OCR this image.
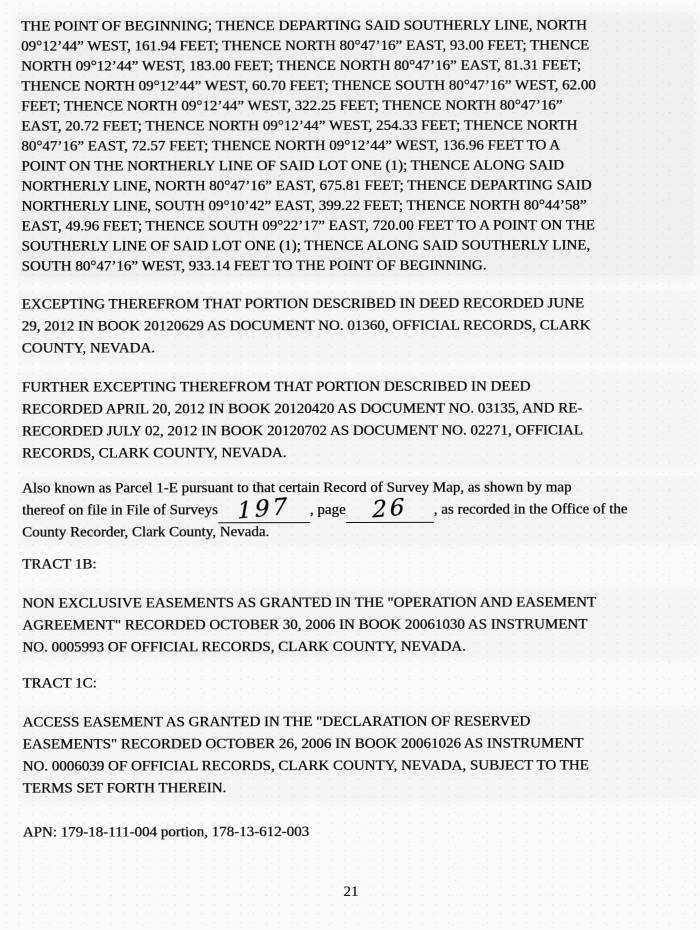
THE POINT OF BEGINNING; THENCE DEPARTING SAID SOUTHERLY LINE, NORTH
09°12’44” WEST, 161.94 FEET; THENCE NORTH 80°47’16” EAST, 93.00 FEET; THENCE
NORTH 09°12’44” WEST, 183.00 FEET; THENCE NORTH 80°47’16” EAST, 81.31 FEET;
THENCE NORTH 09°12’44” WEST, 60.70 FEET; THENCE SOUTH 80°47’16” WEST, 62.00
FEET; THENCE NORTH 09°12’44” WEST, 322.25 FEET; THENCE NORTH 80°47’16”
EAST, 20.72 FEET; THENCE NORTH 09°12’44” WEST, 254.33 FEET; THENCE NORTH
80°47’16” EAST, 72.57 FEET; THENCE NORTH 09°12’44” WEST, 136.96 FEET TO A
POINT ON THE NORTHERLY LINE OF SAID LOT ONE (1); THENCE ALONG SAID
NORTHERLY LINE, NORTH 80°47’16” EAST, 675.81 FEET; THENCE DEPARTING SAID
NORTHERLY LINE, SOUTH 09°10’42” EAST, 399.22 FEET; THENCE NORTH 80°44’58”
EAST, 49.96 FEET; THENCE SOUTH 09°22’17” EAST, 720.00 FEET TO A POINT ON THE
SOUTHERLY LINE OF SAID LOT ONE (1); THENCE ALONG SAID SOUTHERLY LINE,
SOUTH 80°47’16” WEST, 933.14 FEET TO THE POINT OF BEGINNING.
EXCEPTING THEREFROM THAT PORTION DESCRIBED IN DEED RECORDED JUNE
29, 2012 IN BOOK 20120629 AS DOCUMENT NO. 01360, OFFICIAL RECORDS, CLARK
COUNTY, NEVADA.
FURTHER EXCEPTING THEREFROM THAT PORTION DESCRIBED IN DEED
RECORDED APRIL 20, 2012 IN BOOK 20120420 AS DOCUMENT NO. 03135, AND RE-
RECORDED JULY 02, 2012 IN BOOK 20120702 AS DOCUMENT NO. 02271, OFFICIAL
RECORDS, CLARK COUNTY, NEVADA.
Also known as Parcel 1-E pursuant to that certain Record of Survey Map, as shown by map
thereof on file in File of Surveys 197 , page 26 , as recorded in the Office of the
County Recorder, Clark County, Nevada.
TRACT 1B:
NON EXCLUSIVE EASEMENTS AS GRANTED IN THE "OPERATION AND EASEMENT
AGREEMENT" RECORDED OCTOBER 30, 2006 IN BOOK 20061030 AS INSTRUMENT
NO. 0005993 OF OFFICIAL RECORDS, CLARK COUNTY, NEVADA.
TRACT 1C:
ACCESS EASEMENT AS GRANTED IN THE "DECLARATION OF RESERVED
EASEMENTS" RECORDED OCTOBER 26, 2006 IN BOOK 20061026 AS INSTRUMENT
NO. 0006039 OF OFFICIAL RECORDS, CLARK COUNTY, NEVADA, SUBJECT TO THE
TERMS SET FORTH THEREIN.
APN: 179-18-111-004 portion, 178-13-612-003
21
